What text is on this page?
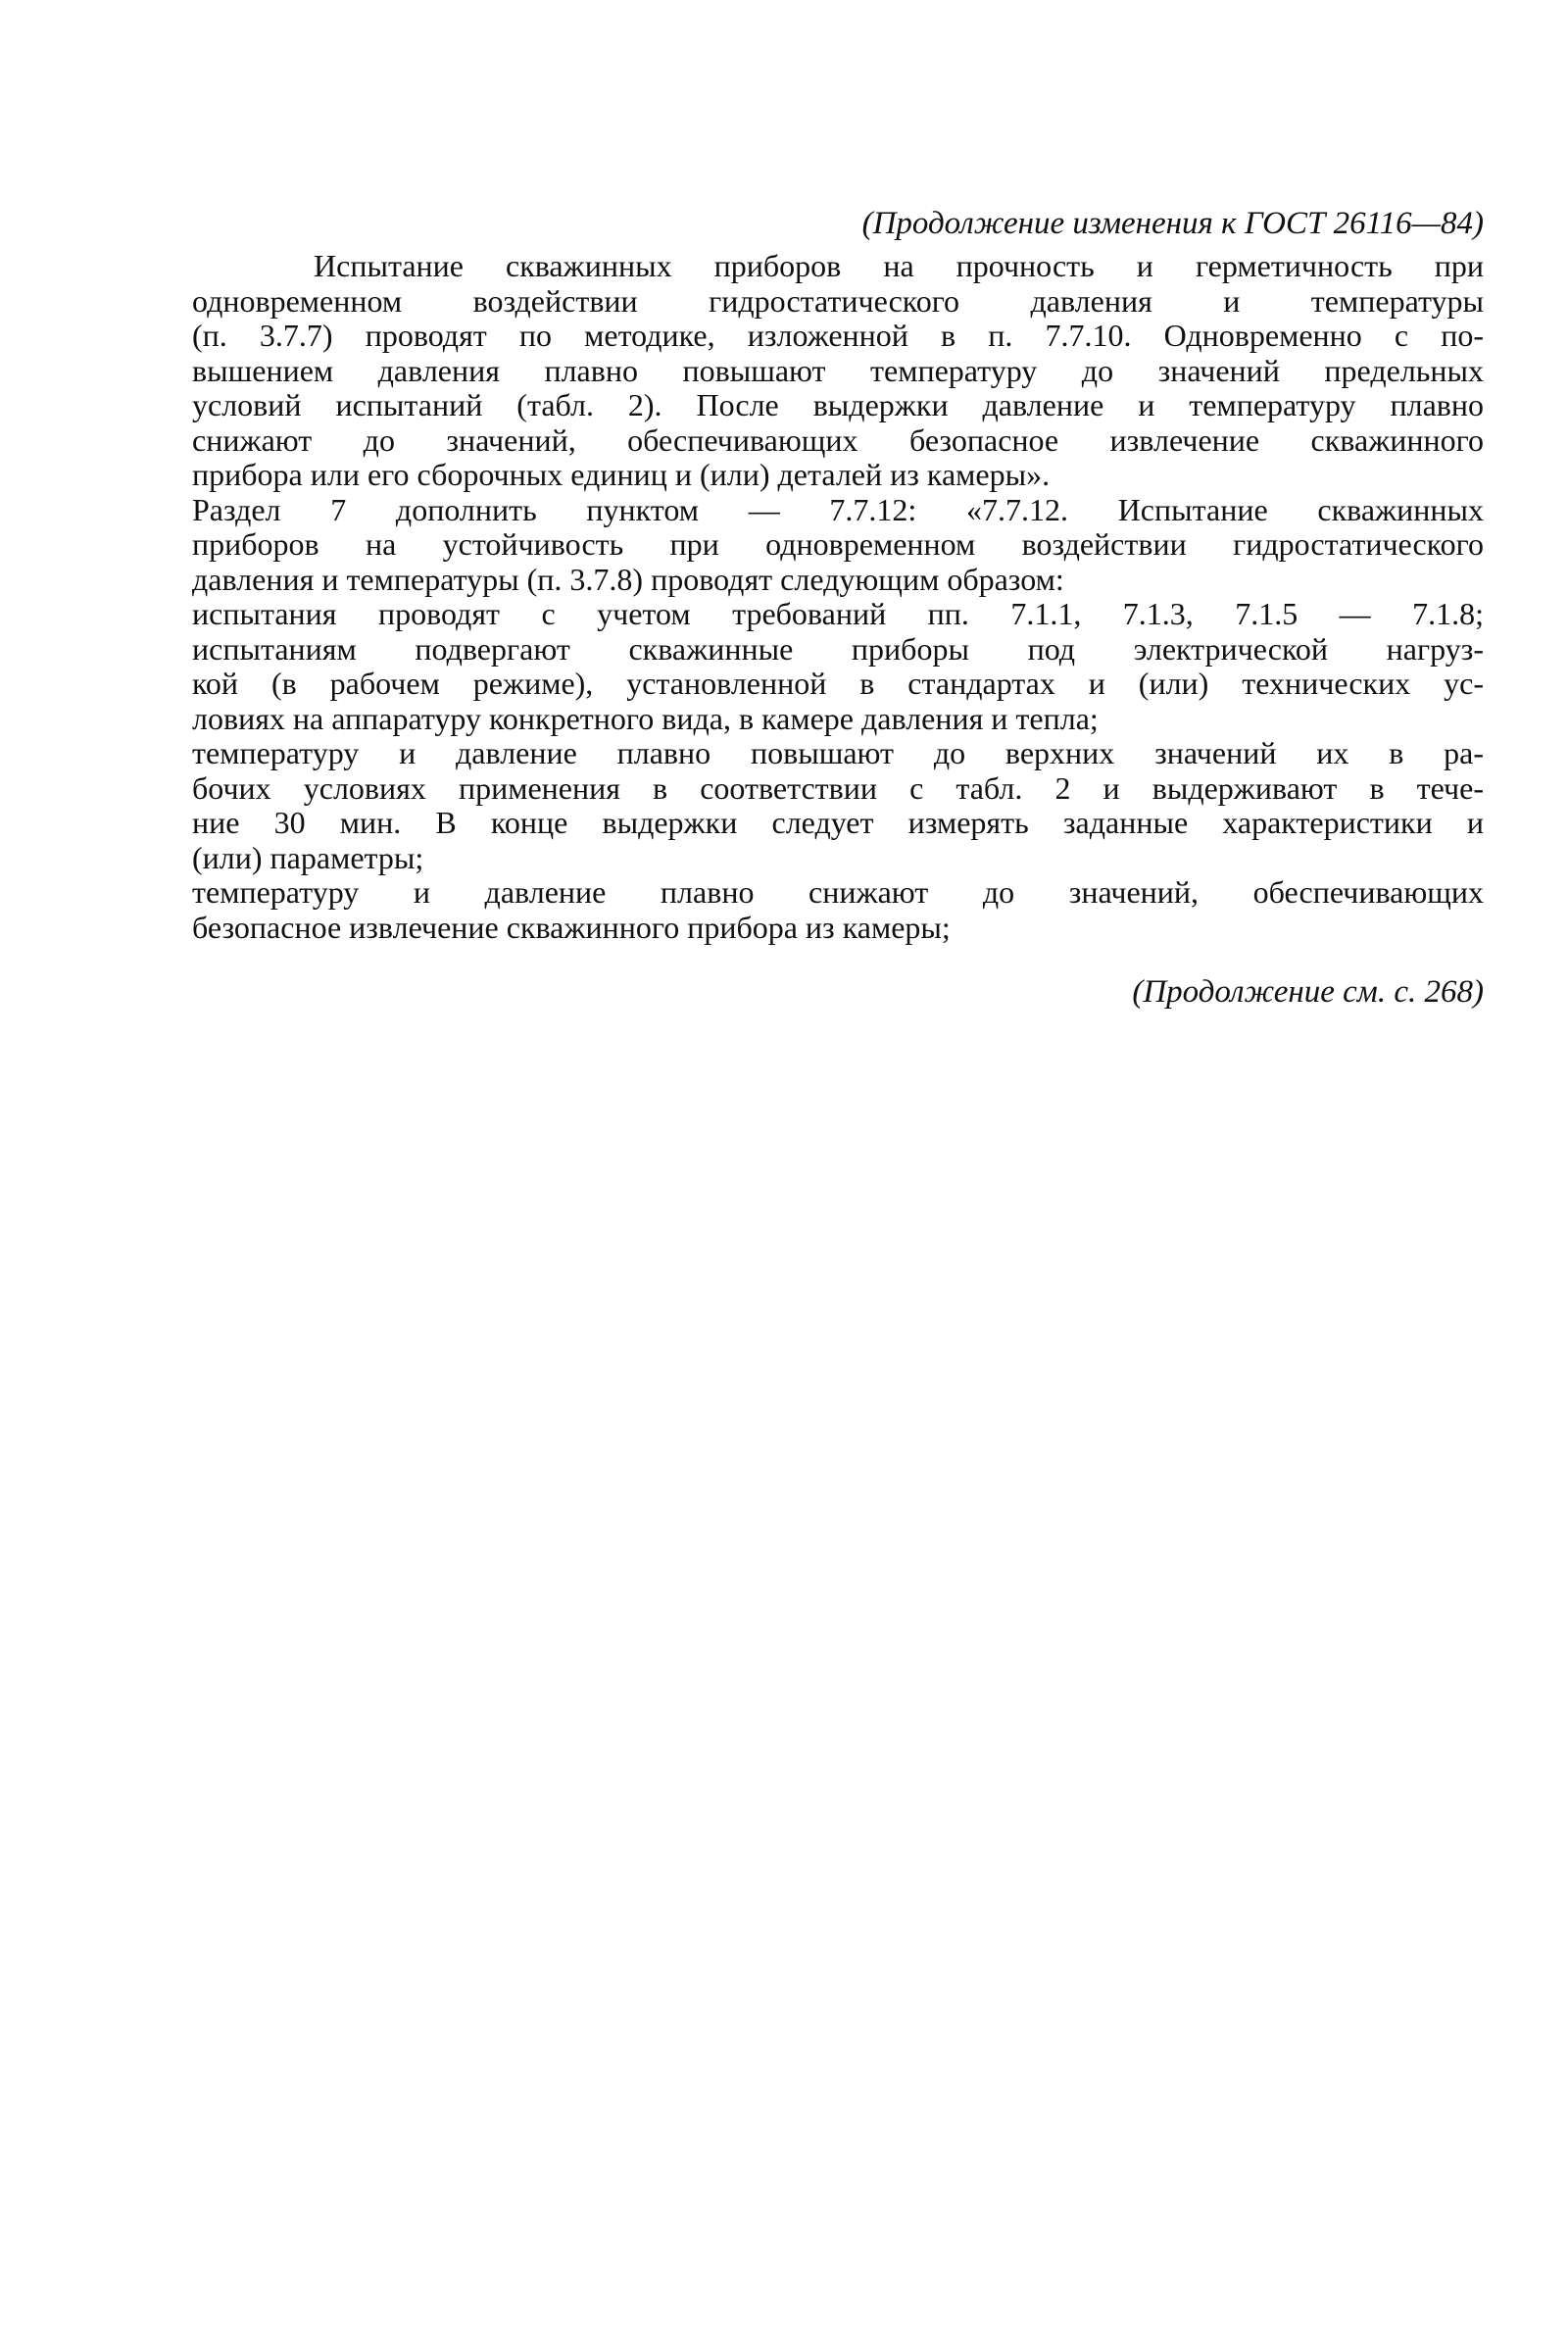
(Продолжение изменения к ГОСТ 26116—84)
Испытание скважинных приборов на прочность и герметичность при
одновременном воздействии гидростатического давления и температуры
(п. 3.7.7) проводят по методике, изложенной в п. 7.7.10. Одновременно с по-
вышением давления плавно повышают температуру до значений предельных
условий испытаний (табл. 2). После выдержки давление и температуру плавно
снижают до значений, обеспечивающих безопасное извлечение скважинного
прибора или его сборочных единиц и (или) деталей из камеры».
Раздел 7 дополнить пунктом — 7.7.12: «7.7.12. Испытание скважинных
приборов на устойчивость при одновременном воздействии гидростатического
давления и температуры (п. 3.7.8) проводят следующим образом:
испытания проводят с учетом требований пп. 7.1.1, 7.1.3, 7.1.5 — 7.1.8;
испытаниям подвергают скважинные приборы под электрической нагруз-
кой (в рабочем режиме), установленной в стандартах и (или) технических ус-
ловиях на аппаратуру конкретного вида, в камере давления и тепла;
температуру и давление плавно повышают до верхних значений их в ра-
бочих условиях применения в соответствии с табл. 2 и выдерживают в тече-
ние 30 мин. В конце выдержки следует измерять заданные характеристики и
(или) параметры;
температуру и давление плавно снижают до значений, обеспечивающих
безопасное извлечение скважинного прибора из камеры;
(Продолжение см. с. 268)
